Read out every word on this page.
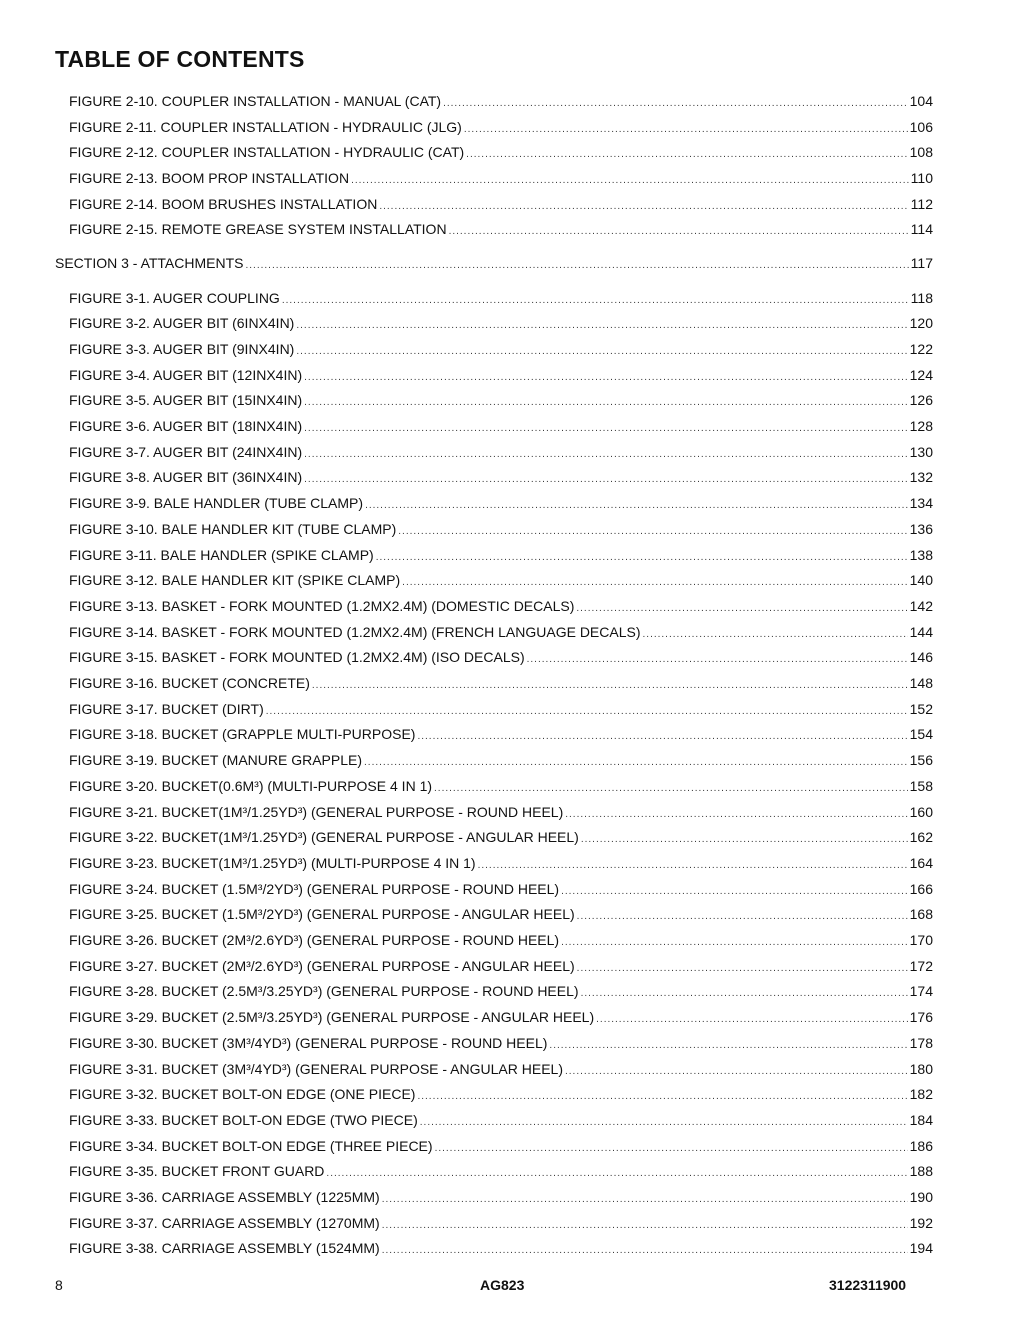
TABLE OF CONTENTS
FIGURE 2-10. COUPLER INSTALLATION - MANUAL (CAT) .....	104
FIGURE 2-11. COUPLER INSTALLATION - HYDRAULIC (JLG) .....	106
FIGURE 2-12. COUPLER INSTALLATION - HYDRAULIC (CAT) .....	108
FIGURE 2-13. BOOM PROP INSTALLATION .....	110
FIGURE 2-14. BOOM BRUSHES INSTALLATION .....	112
FIGURE 2-15. REMOTE GREASE SYSTEM INSTALLATION .....	114
SECTION 3 - ATTACHMENTS .....	117
FIGURE 3-1. AUGER COUPLING .....	118
FIGURE 3-2. AUGER BIT (6INX4IN) .....	120
FIGURE 3-3. AUGER BIT (9INX4IN) .....	122
FIGURE 3-4. AUGER BIT (12INX4IN) .....	124
FIGURE 3-5. AUGER BIT (15INX4IN) .....	126
FIGURE 3-6. AUGER BIT (18INX4IN) .....	128
FIGURE 3-7. AUGER BIT (24INX4IN) .....	130
FIGURE 3-8. AUGER BIT (36INX4IN) .....	132
FIGURE 3-9. BALE HANDLER (TUBE CLAMP) .....	134
FIGURE 3-10. BALE HANDLER KIT (TUBE CLAMP) .....	136
FIGURE 3-11. BALE HANDLER (SPIKE CLAMP) .....	138
FIGURE 3-12. BALE HANDLER KIT (SPIKE CLAMP) .....	140
FIGURE 3-13. BASKET - FORK MOUNTED (1.2MX2.4M) (DOMESTIC DECALS) .....	142
FIGURE 3-14. BASKET - FORK MOUNTED (1.2MX2.4M) (FRENCH LANGUAGE DECALS) .....	144
FIGURE 3-15. BASKET - FORK MOUNTED (1.2MX2.4M) (ISO DECALS) .....	146
FIGURE 3-16. BUCKET (CONCRETE) .....	148
FIGURE 3-17. BUCKET (DIRT) .....	152
FIGURE 3-18. BUCKET (GRAPPLE MULTI-PURPOSE) .....	154
FIGURE 3-19. BUCKET (MANURE GRAPPLE) .....	156
FIGURE 3-20. BUCKET(0.6M³) (MULTI-PURPOSE 4 IN 1) .....	158
FIGURE 3-21. BUCKET(1M³/1.25YD³) (GENERAL PURPOSE - ROUND HEEL) .....	160
FIGURE 3-22. BUCKET(1M³/1.25YD³) (GENERAL PURPOSE - ANGULAR HEEL) .....	162
FIGURE 3-23. BUCKET(1M³/1.25YD³) (MULTI-PURPOSE 4 IN 1) .....	164
FIGURE 3-24. BUCKET (1.5M³/2YD³) (GENERAL PURPOSE - ROUND HEEL) .....	166
FIGURE 3-25. BUCKET (1.5M³/2YD³) (GENERAL PURPOSE - ANGULAR HEEL) .....	168
FIGURE 3-26. BUCKET (2M³/2.6YD³) (GENERAL PURPOSE - ROUND HEEL) .....	170
FIGURE 3-27. BUCKET (2M³/2.6YD³) (GENERAL PURPOSE - ANGULAR HEEL) .....	172
FIGURE 3-28. BUCKET (2.5M³/3.25YD³) (GENERAL PURPOSE - ROUND HEEL) .....	174
FIGURE 3-29. BUCKET (2.5M³/3.25YD³) (GENERAL PURPOSE - ANGULAR HEEL) .....	176
FIGURE 3-30. BUCKET (3M³/4YD³) (GENERAL PURPOSE - ROUND HEEL) .....	178
FIGURE 3-31. BUCKET (3M³/4YD³) (GENERAL PURPOSE - ANGULAR HEEL) .....	180
FIGURE 3-32. BUCKET BOLT-ON EDGE (ONE PIECE) .....	182
FIGURE 3-33. BUCKET BOLT-ON EDGE (TWO PIECE) .....	184
FIGURE 3-34. BUCKET BOLT-ON EDGE (THREE PIECE) .....	186
FIGURE 3-35. BUCKET FRONT GUARD .....	188
FIGURE 3-36. CARRIAGE ASSEMBLY (1225MM) .....	190
FIGURE 3-37. CARRIAGE ASSEMBLY (1270MM) .....	192
FIGURE 3-38. CARRIAGE ASSEMBLY (1524MM) .....	194
8	AG823	3122311900
